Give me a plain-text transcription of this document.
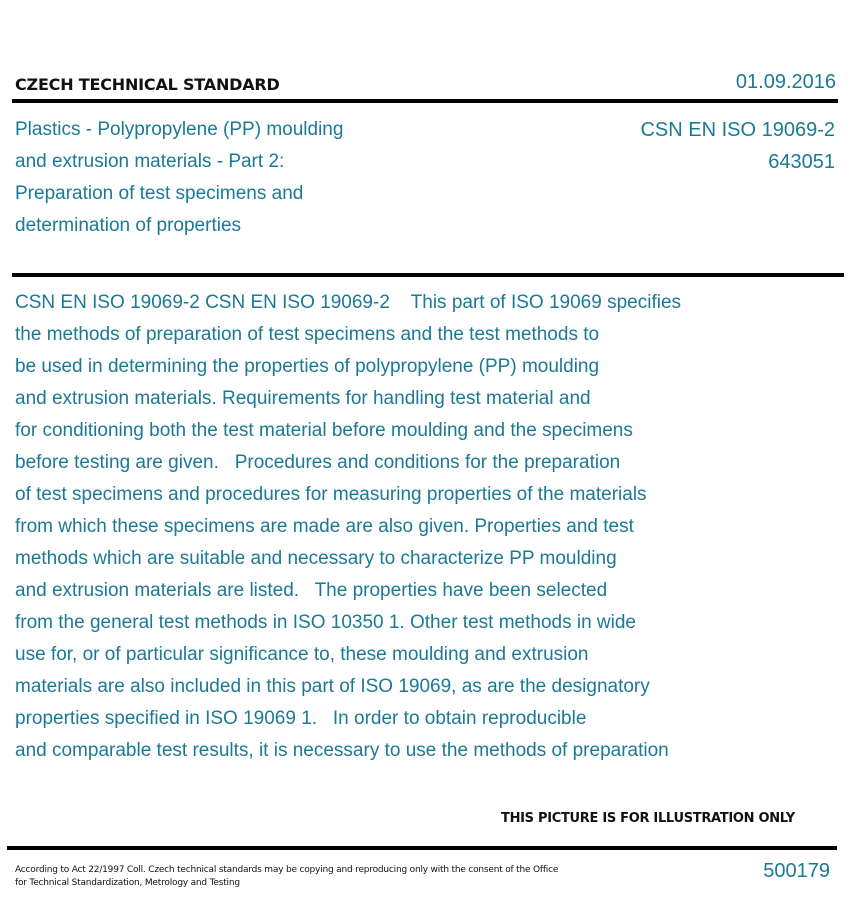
CZECH TECHNICAL STANDARD	01.09.2016
Plastics - Polypropylene (PP) moulding
and extrusion materials - Part 2:
Preparation of test specimens and
determination of properties
CSN EN ISO 19069-2
643051
CSN EN ISO 19069-2 CSN EN ISO 19069-2    This part of ISO 19069 specifies
the methods of preparation of test specimens and the test methods to
be used in determining the properties of polypropylene (PP) moulding
and extrusion materials. Requirements for handling test material and
for conditioning both the test material before moulding and the specimens
before testing are given.   Procedures and conditions for the preparation
of test specimens and procedures for measuring properties of the materials
from which these specimens are made are also given. Properties and test
methods which are suitable and necessary to characterize PP moulding
and extrusion materials are listed.   The properties have been selected
from the general test methods in ISO 10350 1. Other test methods in wide
use for, or of particular significance to, these moulding and extrusion
materials are also included in this part of ISO 19069, as are the designatory
properties specified in ISO 19069 1.   In order to obtain reproducible
and comparable test results, it is necessary to use the methods of preparation
THIS PICTURE IS FOR ILLUSTRATION ONLY
According to Act 22/1997 Coll. Czech technical standards may be copying and reproducing only with the consent of the Office
for Technical Standardization, Metrology and Testing
500179
